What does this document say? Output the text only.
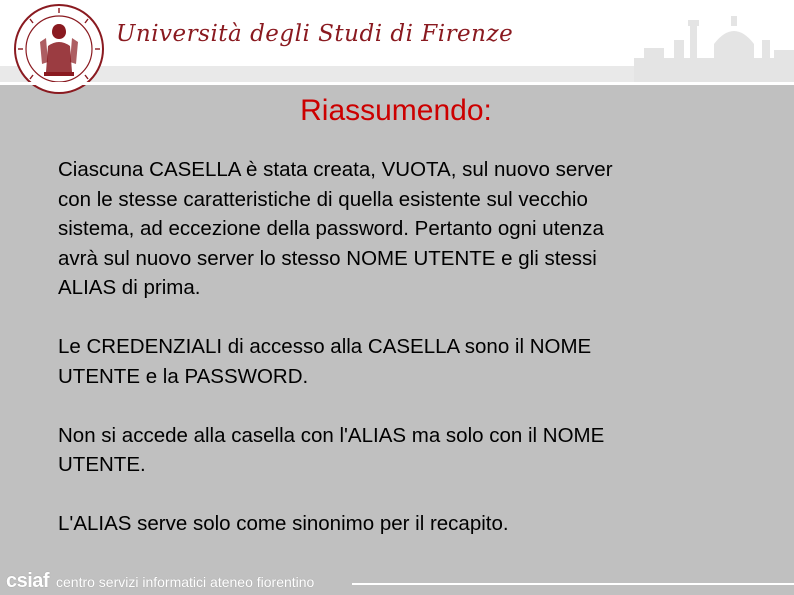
Università degli Studi di Firenze
Riassumendo:

Ciascuna CASELLA è stata creata, VUOTA, sul nuovo server
con le stesse caratteristiche di quella esistente sul vecchio
sistema, ad eccezione della password. Pertanto ogni utenza
avrà sul nuovo server lo stesso NOME UTENTE e gli stessi
ALIAS di prima.

Le CREDENZIALI di accesso alla CASELLA sono il NOME
UTENTE e la PASSWORD.

Non si accede alla casella con l'ALIAS ma solo con il NOME
UTENTE.

L'ALIAS serve solo come sinonimo per il recapito.

csiaf centro servizi informatici ateneo fiorentino
